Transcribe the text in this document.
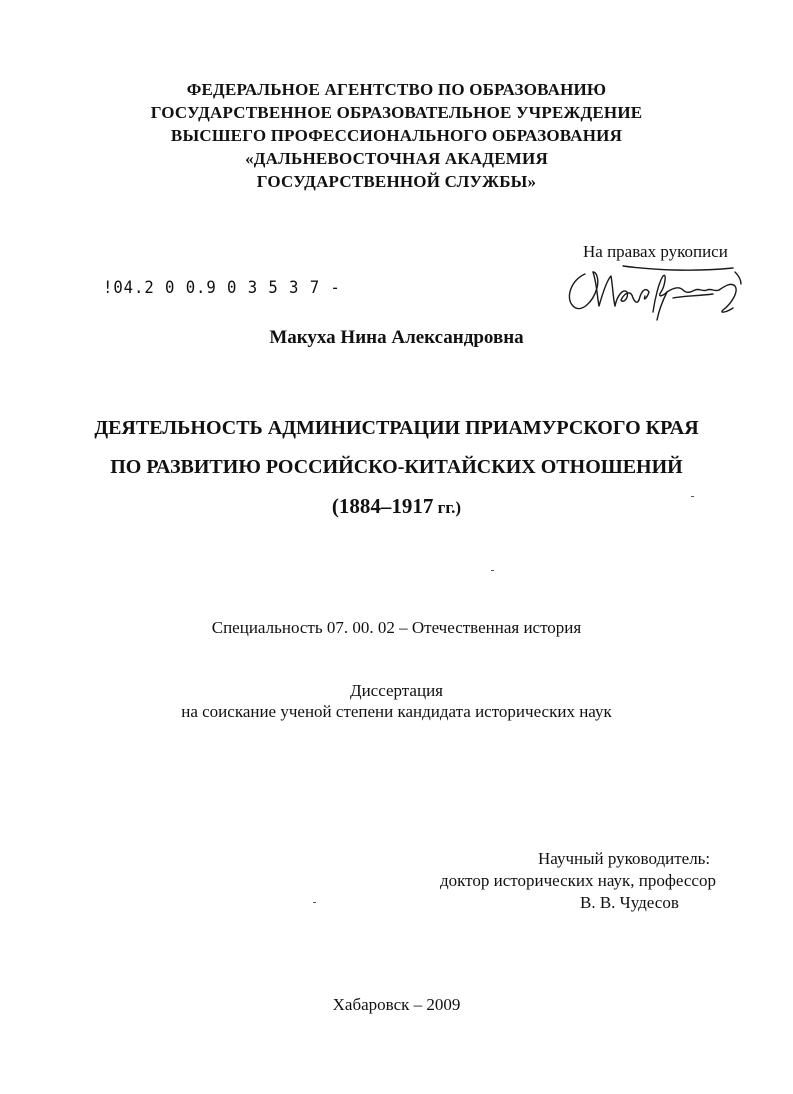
ФЕДЕРАЛЬНОЕ АГЕНТСТВО ПО ОБРАЗОВАНИЮ
ГОСУДАРСТВЕННОЕ ОБРАЗОВАТЕЛЬНОЕ УЧРЕЖДЕНИЕ
ВЫСШЕГО ПРОФЕССИОНАЛЬНОГО ОБРАЗОВАНИЯ
«ДАЛЬНЕВОСТОЧНАЯ АКАДЕМИЯ
ГОСУДАРСТВЕННОЙ СЛУЖБЫ»
На правах рукописи
!04.2 0 0.9 0 3 5 3 7 -
Макуха Нина Александровна
ДЕЯТЕЛЬНОСТЬ АДМИНИСТРАЦИИ ПРИАМУРСКОГО КРАЯ
ПО РАЗВИТИЮ РОССИЙСКО-КИТАЙСКИХ ОТНОШЕНИЙ
(1884–1917 гг.)
Специальность 07. 00. 02 – Отечественная история
Диссертация
на соискание ученой степени кандидата исторических наук
Научный руководитель:
доктор исторических наук, профессор
В. В. Чудесов
Хабаровск – 2009
